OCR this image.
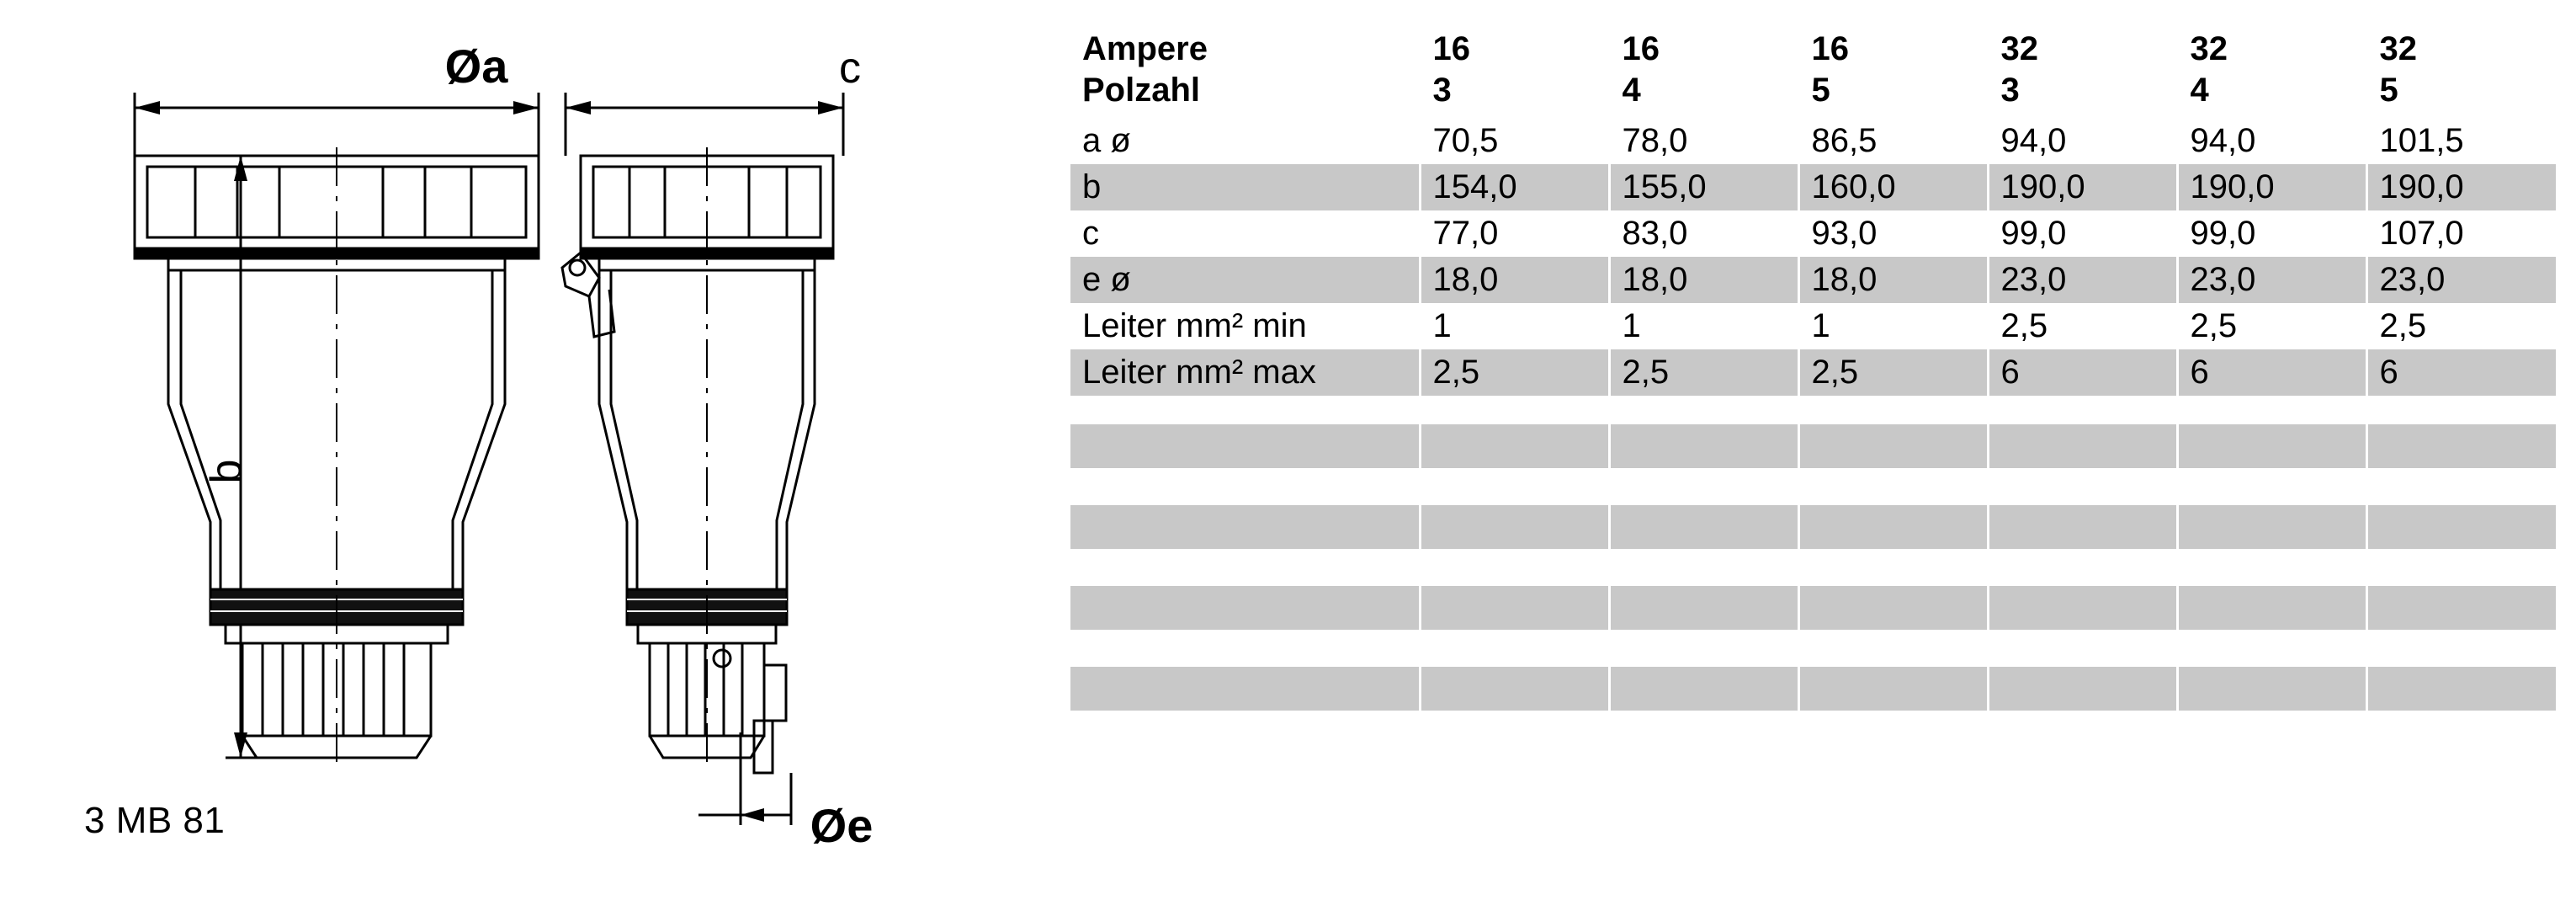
Øa	c
b
Øe
3 MB 81
Ampere	16	16	16	32	32	32
Polzahl	3	4	5	3	4	5
a ø	70,5	78,0	86,5	94,0	94,0	101,5
b	154,0	155,0	160,0	190,0	190,0	190,0
c	77,0	83,0	93,0	99,0	99,0	107,0
e ø	18,0	18,0	18,0	23,0	23,0	23,0
Leiter mm² min	1	1	1	2,5	2,5	2,5
Leiter mm² max	2,5	2,5	2,5	6	6	6
